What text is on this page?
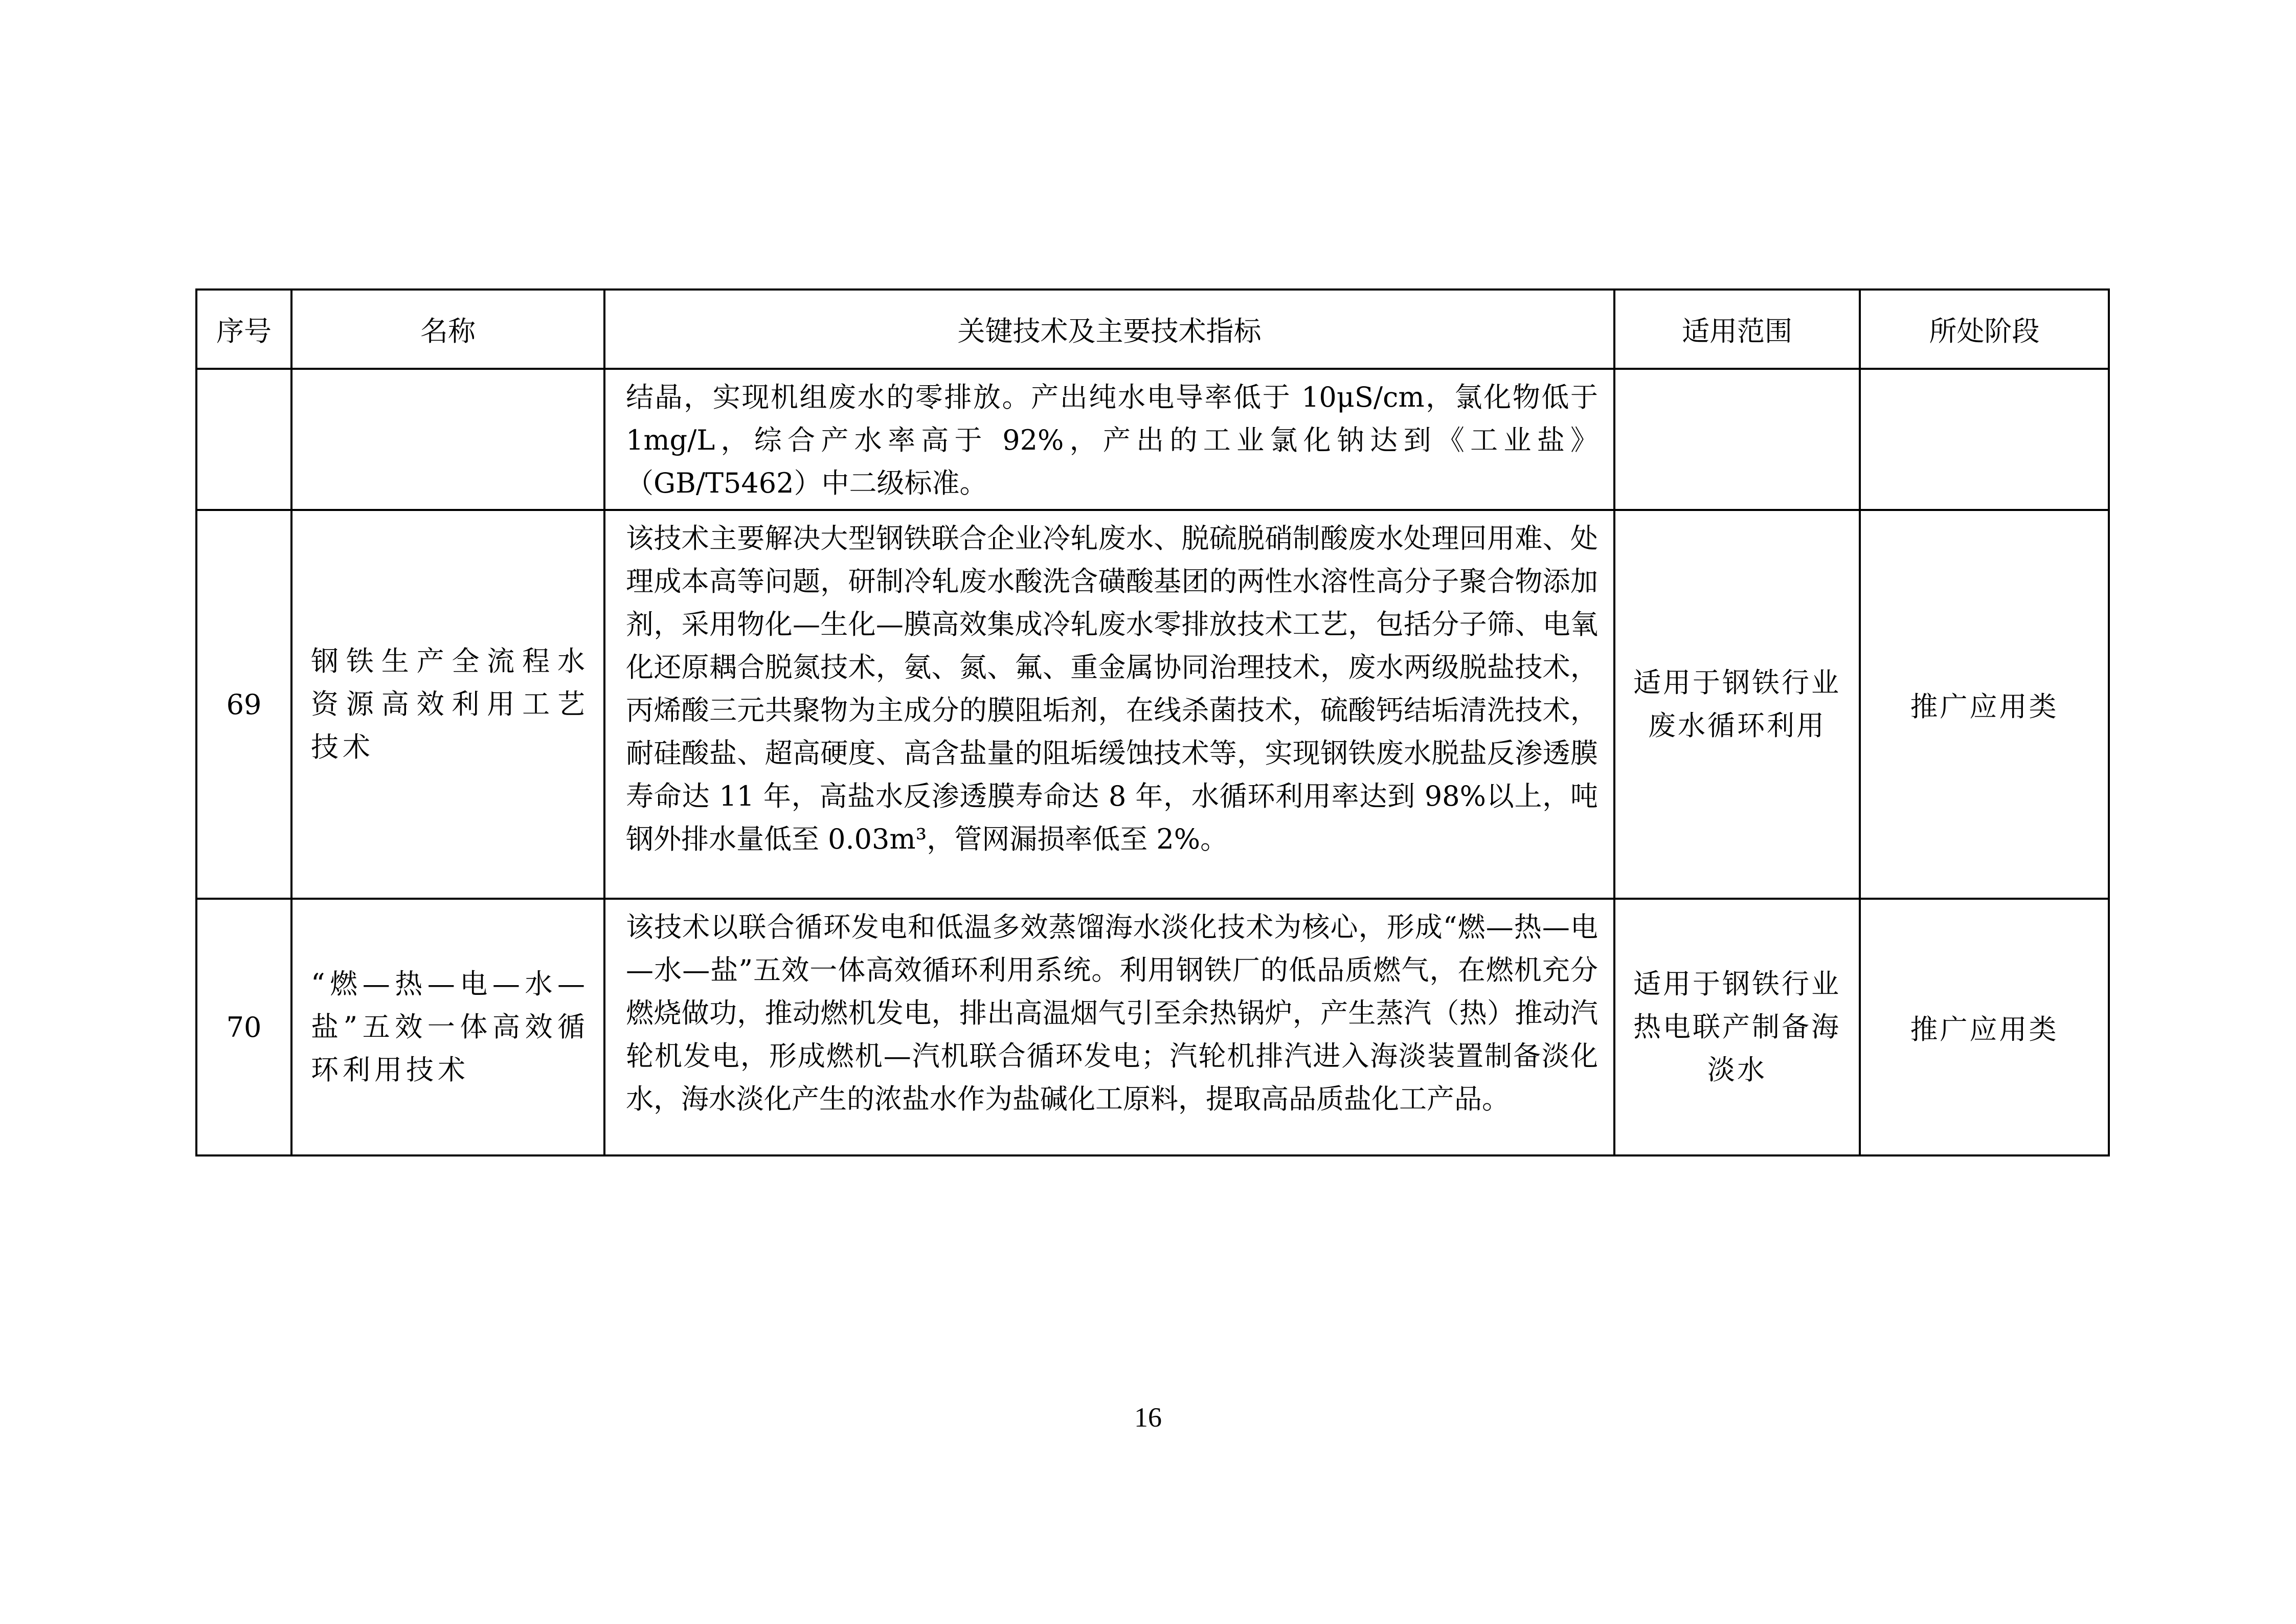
序号	名称	关键技术及主要技术指标	适用范围	所处阶段
		结晶，实现机组废水的零排放。产出纯水电导率低于 10μS/cm，氯化物低于 1mg/L，综合产水率高于 92%，产出的工业氯化钠达到《工业盐》（GB/T5462）中二级标准。		
69	钢铁生产全流程水资源高效利用工艺技术	该技术主要解决大型钢铁联合企业冷轧废水、脱硫脱硝制酸废水处理回用难、处理成本高等问题，研制冷轧废水酸洗含磺酸基团的两性水溶性高分子聚合物添加剂，采用物化—生化—膜高效集成冷轧废水零排放技术工艺，包括分子筛、电氧化还原耦合脱氮技术，氨、氮、氟、重金属协同治理技术，废水两级脱盐技术，丙烯酸三元共聚物为主成分的膜阻垢剂，在线杀菌技术，硫酸钙结垢清洗技术，耐硅酸盐、超高硬度、高含盐量的阻垢缓蚀技术等，实现钢铁废水脱盐反渗透膜寿命达 11 年，高盐水反渗透膜寿命达 8 年，水循环利用率达到 98%以上，吨钢外排水量低至 0.03m³，管网漏损率低至 2%。	适用于钢铁行业废水循环利用	推广应用类
70	“燃—热—电—水—盐”五效一体高效循环利用技术	该技术以联合循环发电和低温多效蒸馏海水淡化技术为核心，形成“燃—热—电—水—盐”五效一体高效循环利用系统。利用钢铁厂的低品质燃气，在燃机充分燃烧做功，推动燃机发电，排出高温烟气引至余热锅炉，产生蒸汽（热）推动汽轮机发电，形成燃机—汽机联合循环发电；汽轮机排汽进入海淡装置制备淡化水，海水淡化产生的浓盐水作为盐碱化工原料，提取高品质盐化工产品。	适用于钢铁行业热电联产制备海淡水	推广应用类
16
